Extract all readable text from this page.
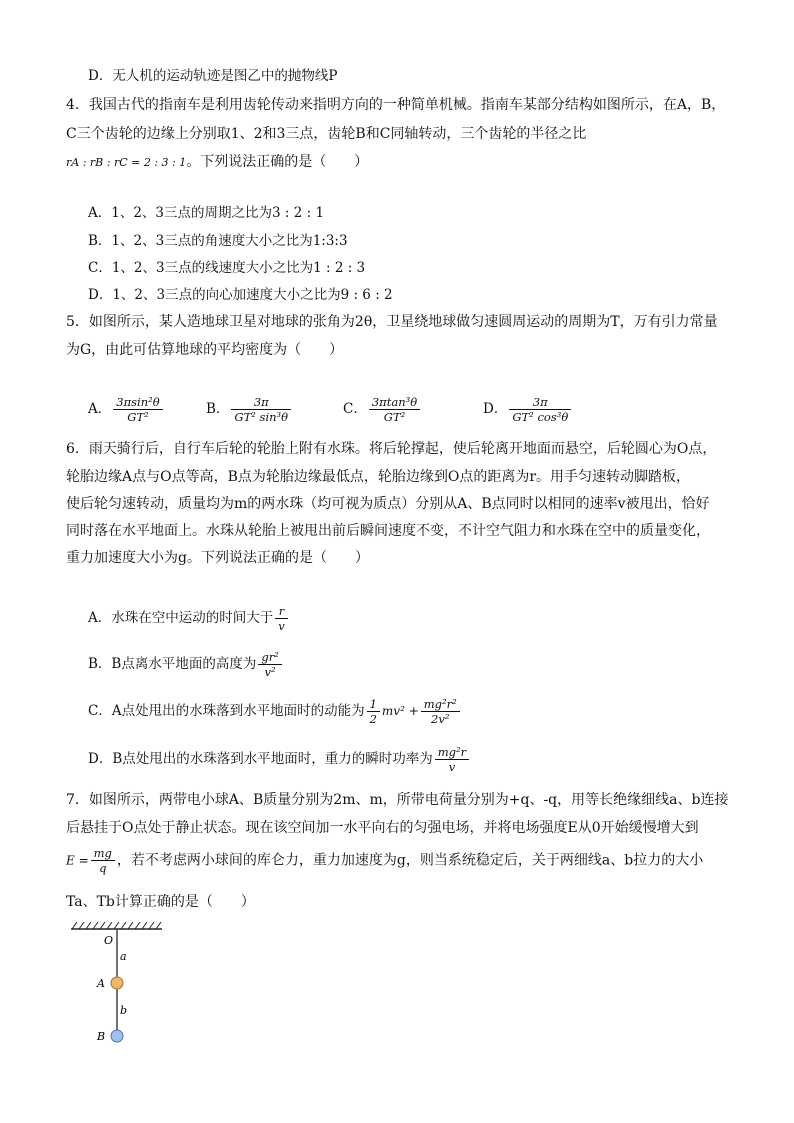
D．无人机的运动轨迹是图乙中的抛物线P
4．我国古代的指南车是利用齿轮传动来指明方向的一种简单机械。指南车某部分结构如图所示，在A，B，
C三个齿轮的边缘上分别取1、2和3三点，齿轮B和C同轴转动，三个齿轮的半径之比
rA : rB : rC = 2 : 3 : 1。下列说法正确的是（　　）
A．1、2、3三点的周期之比为3 : 2 : 1
B．1、2、3三点的角速度大小之比为1:3:3
C．1、2、3三点的线速度大小之比为1 : 2 : 3
D．1、2、3三点的向心加速度大小之比为9 : 6 : 2
5．如图所示，某人造地球卫星对地球的张角为2θ，卫星绕地球做匀速圆周运动的周期为T，万有引力常量
为G，由此可估算地球的平均密度为（　　）
A． $\frac{\text{3πsin²θ}}{\text{GT²}}$	B． $\frac{3\pi}{\text{GT² sin³θ}}$	C． $\frac{\text{3πtan³θ}}{\text{GT²}}$	D． $\frac{3\pi}{\text{GT² cos³θ}}$
6．雨天骑行后，自行车后轮的轮胎上附有水珠。将后轮撑起，使后轮离开地面而悬空，后轮圆心为O点，
轮胎边缘A点与O点等高，B点为轮胎边缘最低点，轮胎边缘到O点的距离为r。用手匀速转动脚踏板，
使后轮匀速转动，质量均为m的两水珠（均可视为质点）分别从A、B点同时以相同的速率v被甩出，恰好
同时落在水平地面上。水珠从轮胎上被甩出前后瞬间速度不变，不计空气阻力和水珠在空中的质量变化，
重力加速度大小为g。下列说法正确的是（　　）
A．水珠在空中运动的时间大于 $\frac{r}{v}$
B．B点离水平地面的高度为 $\frac{\text{gr²}}{\text{v²}}$
C．A点处甩出的水珠落到水平地面时的动能为 $\frac{1}{2} mv^2 + \frac{\text{mg²r²}}{\text{2v²}}$
D．B点处甩出的水珠落到水平地面时，重力的瞬时功率为 $\frac{\text{mg²r}}{v}$
7．如图所示，两带电小球A、B质量分别为2m、m，所带电荷量分别为+q、-q，用等长绝缘细线a、b连接
后悬挂于O点处于静止状态。现在该空间加一水平向右的匀强电场，并将电场强度E从0开始缓慢增大到
$E = \frac{mg}{q}$ ，若不考虑两小球间的库仑力，重力加速度为g，则当系统稳定后，关于两细线a、b拉力的大小
Ta、Tb计算正确的是（　　）
O
a
A
b
B
